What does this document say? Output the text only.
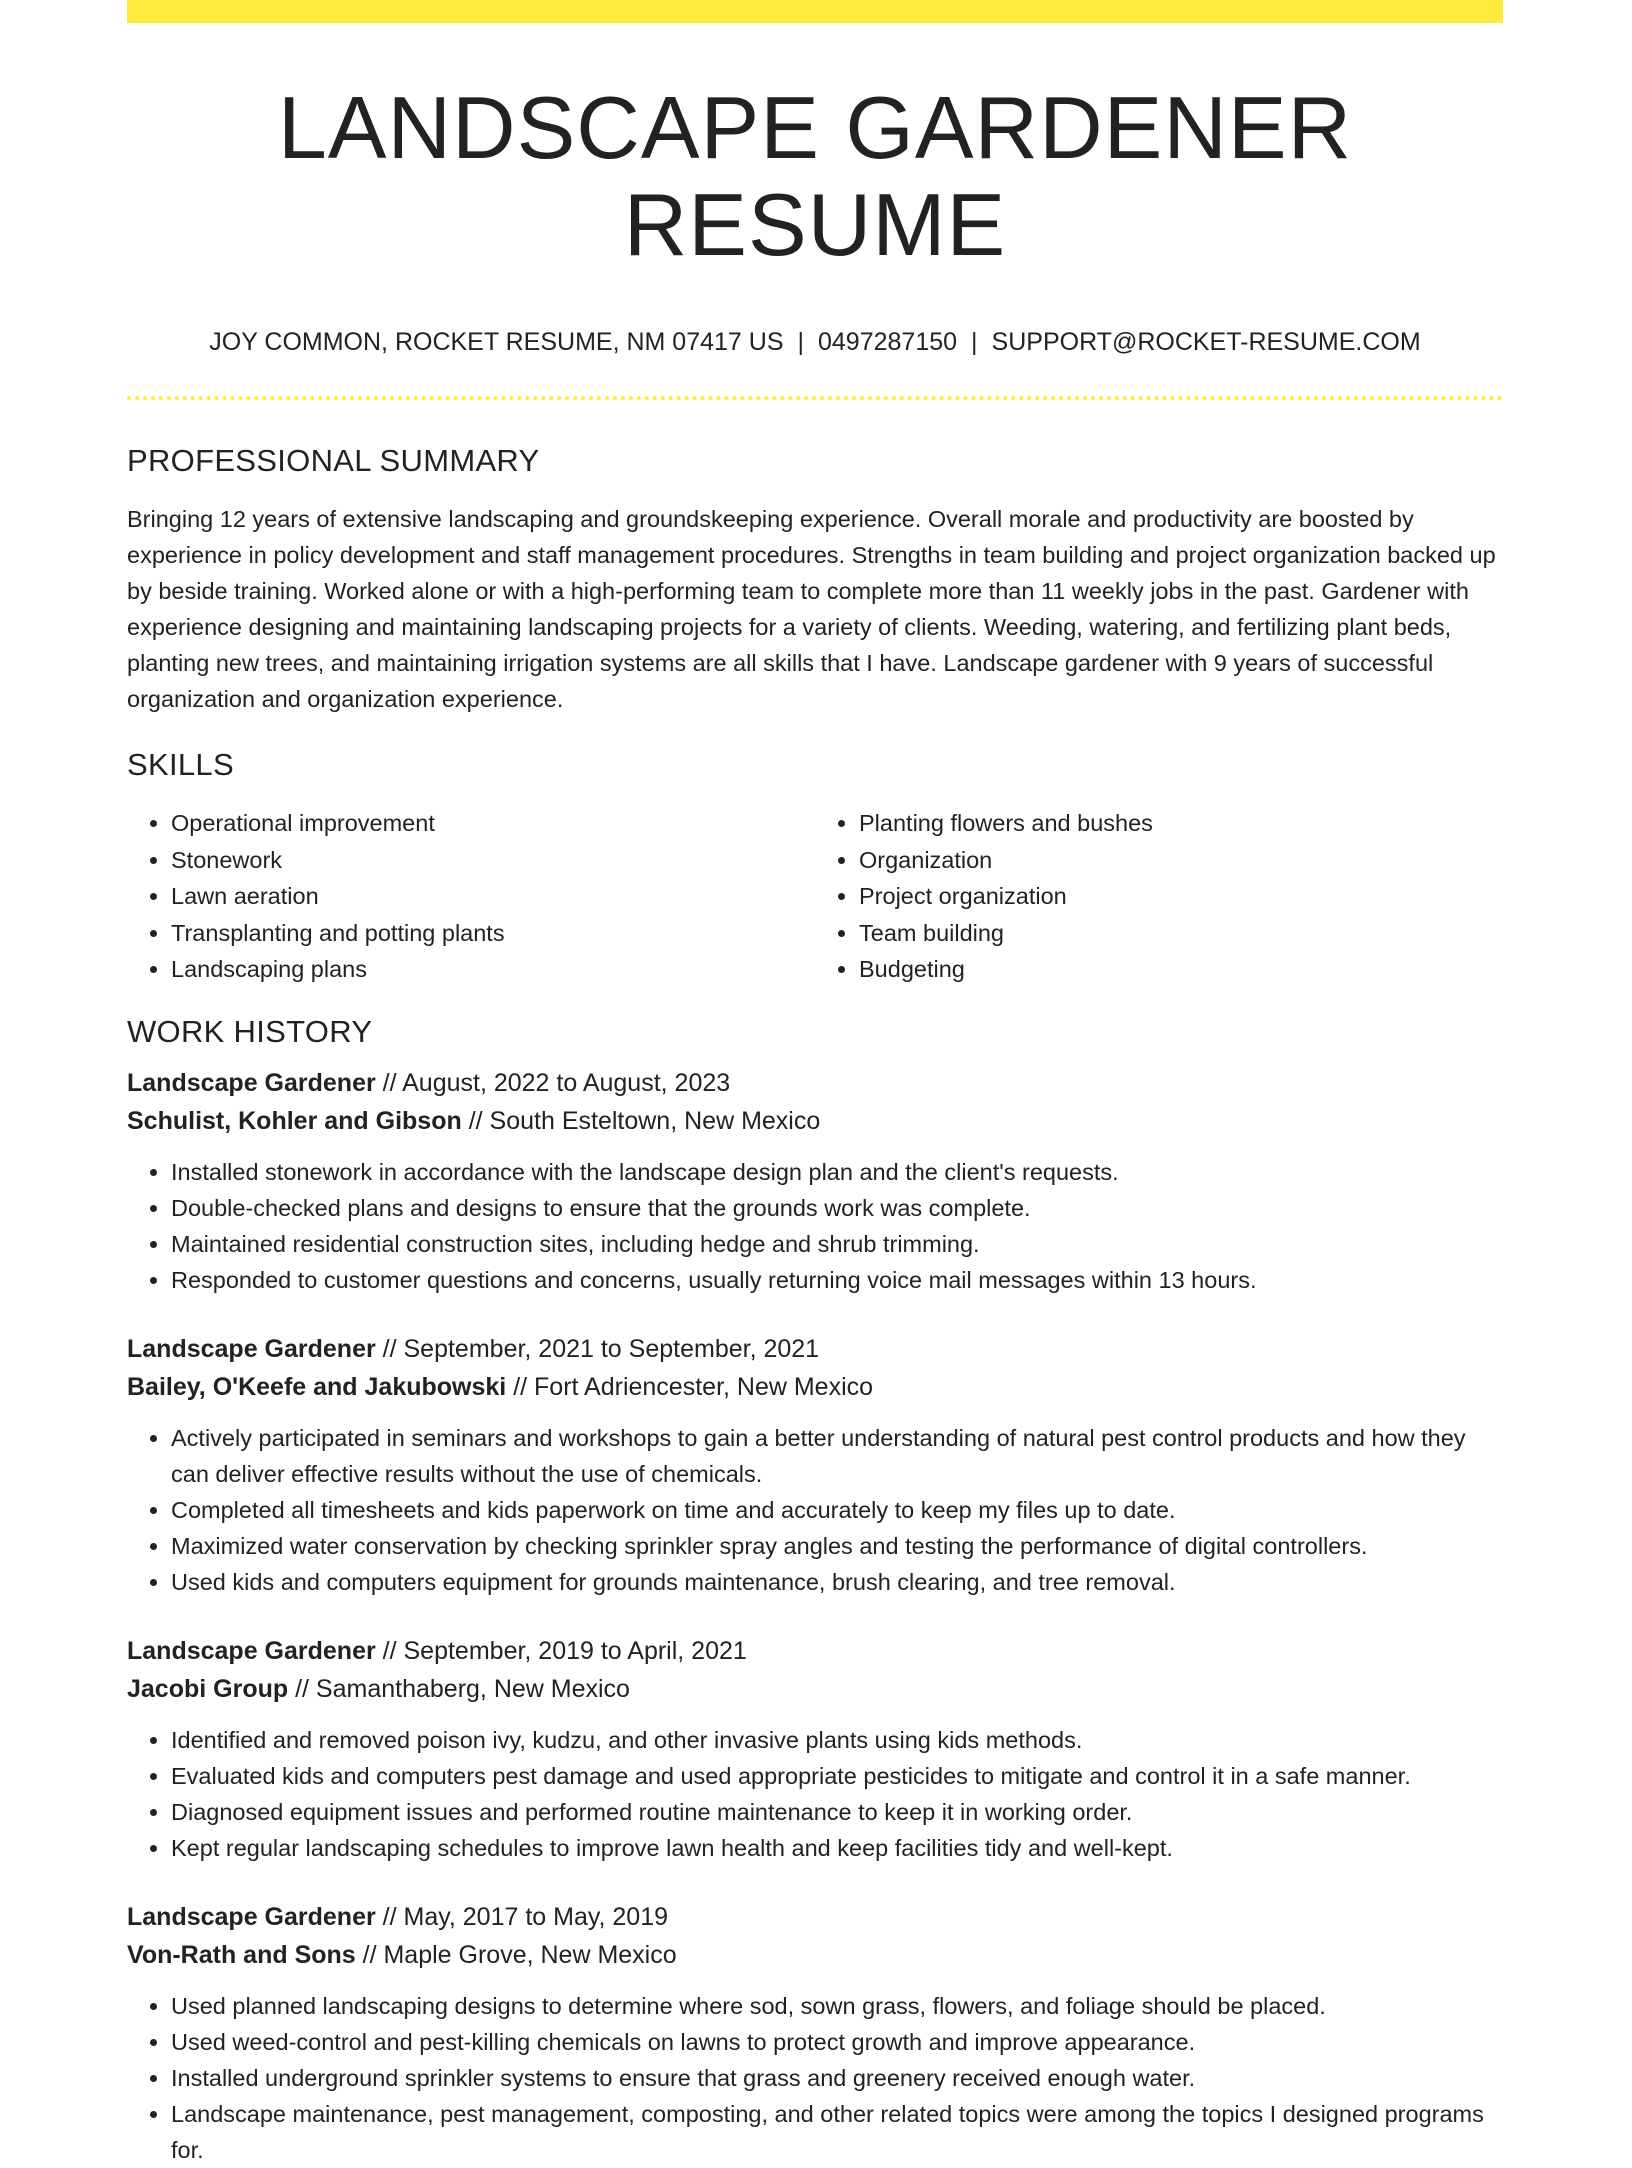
LANDSCAPE GARDENER RESUME
JOY COMMON, ROCKET RESUME, NM 07417 US | 0497287150 | SUPPORT@ROCKET-RESUME.COM
PROFESSIONAL SUMMARY

Bringing 12 years of extensive landscaping and groundskeeping experience. Overall morale and productivity are boosted by experience in policy development and staff management procedures. Strengths in team building and project organization backed up by beside training. Worked alone or with a high-performing team to complete more than 11 weekly jobs in the past. Gardener with experience designing and maintaining landscaping projects for a variety of clients. Weeding, watering, and fertilizing plant beds, planting new trees, and maintaining irrigation systems are all skills that I have. Landscape gardener with 9 years of successful organization and organization experience.

SKILLS
• Operational improvement
• Stonework
• Lawn aeration
• Transplanting and potting plants
• Landscaping plans
• Planting flowers and bushes
• Organization
• Project organization
• Team building
• Budgeting
WORK HISTORY
Landscape Gardener // August, 2022 to August, 2023
Schulist, Kohler and Gibson // South Esteltown, New Mexico
• Installed stonework in accordance with the landscape design plan and the client's requests.
• Double-checked plans and designs to ensure that the grounds work was complete.
• Maintained residential construction sites, including hedge and shrub trimming.
• Responded to customer questions and concerns, usually returning voice mail messages within 13 hours.
Landscape Gardener // September, 2021 to September, 2021
Bailey, O'Keefe and Jakubowski // Fort Adriencester, New Mexico
• Actively participated in seminars and workshops to gain a better understanding of natural pest control products and how they can deliver effective results without the use of chemicals.
• Completed all timesheets and kids paperwork on time and accurately to keep my files up to date.
• Maximized water conservation by checking sprinkler spray angles and testing the performance of digital controllers.
• Used kids and computers equipment for grounds maintenance, brush clearing, and tree removal.
Landscape Gardener // September, 2019 to April, 2021
Jacobi Group // Samanthaberg, New Mexico
• Identified and removed poison ivy, kudzu, and other invasive plants using kids methods.
• Evaluated kids and computers pest damage and used appropriate pesticides to mitigate and control it in a safe manner.
• Diagnosed equipment issues and performed routine maintenance to keep it in working order.
• Kept regular landscaping schedules to improve lawn health and keep facilities tidy and well-kept.
Landscape Gardener // May, 2017 to May, 2019
Von-Rath and Sons // Maple Grove, New Mexico
• Used planned landscaping designs to determine where sod, sown grass, flowers, and foliage should be placed.
• Used weed-control and pest-killing chemicals on lawns to protect growth and improve appearance.
• Installed underground sprinkler systems to ensure that grass and greenery received enough water.
• Landscape maintenance, pest management, composting, and other related topics were among the topics I designed programs for.
